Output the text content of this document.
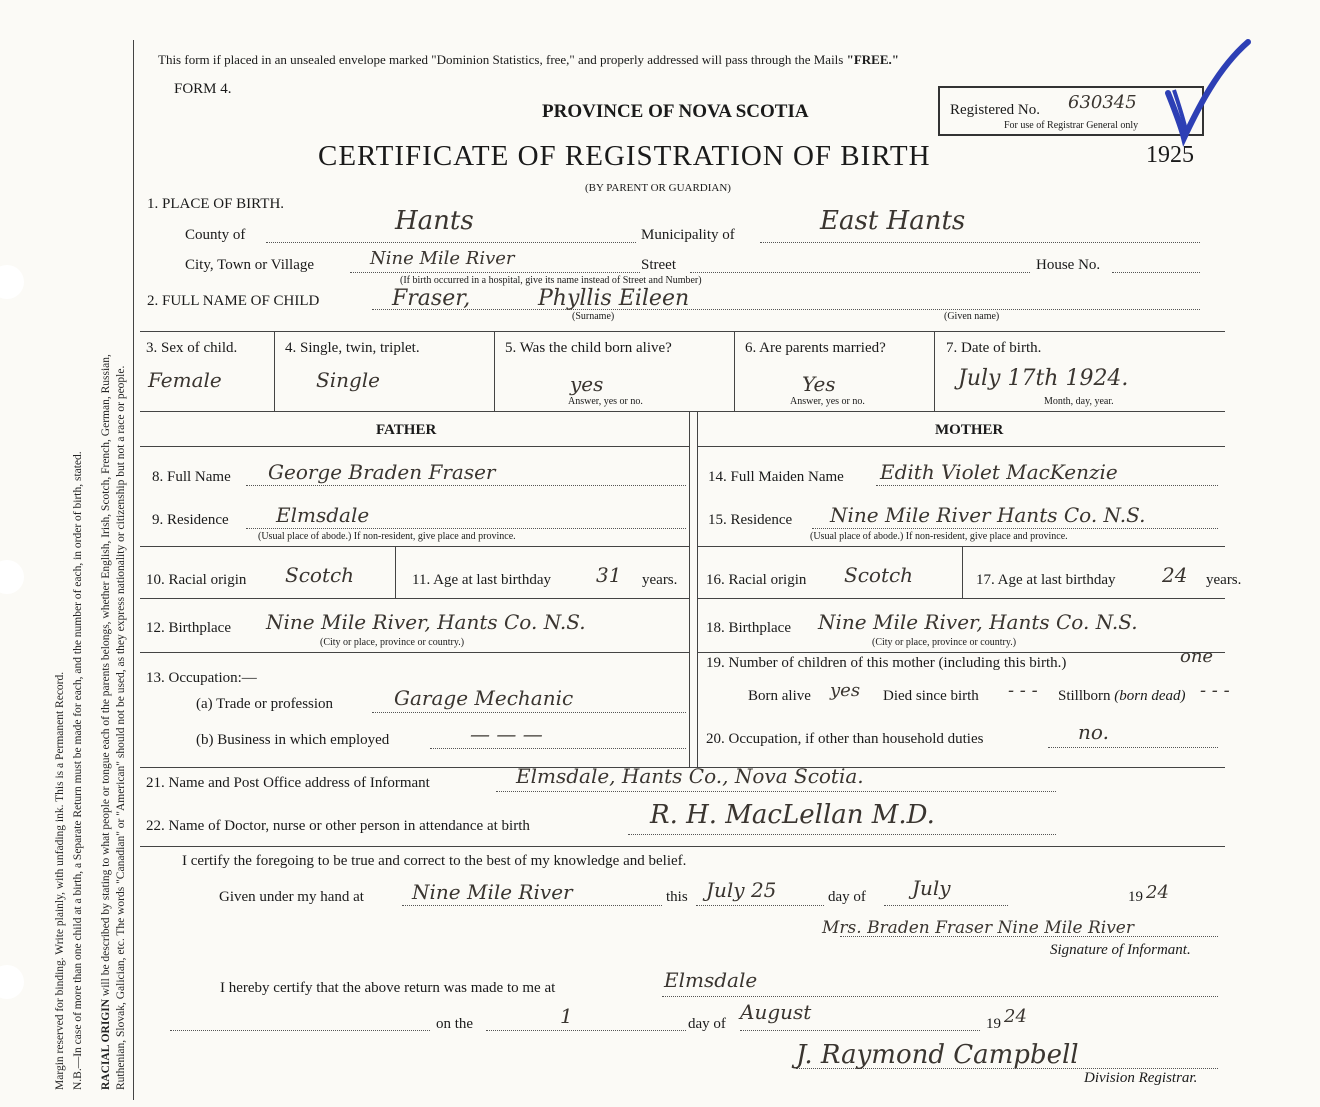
Margin reserved for binding. Write plainly, with unfading ink. This is a Permanent Record. N.B.—In case of more than one child at a birth, a Separate Return must be made for each, and the number of each, in order of birth, stated. RACIAL ORIGIN will be described by stating to what people or tongue each of the parents belongs, whether English, Irish, Scotch, French, German, Russian, Ruthenian, Slovak, Galician, etc. The words "Canadian" or "American" should not be used, as they express nationality or citizenship but not a race or people.
This form if placed in an unsealed envelope marked "Dominion Statistics, free," and properly addressed will pass through the Mails "FREE."
FORM 4.
PROVINCE OF NOVA SCOTIA
CERTIFICATE OF REGISTRATION OF BIRTH
(BY PARENT OR GUARDIAN)
Registered No. 630345
For use of Registrar General only
1925
1. PLACE OF BIRTH.
County of	Hants	Municipality of	East Hants
City, Town or Village	Nine Mile River	Street	House No.
(If birth occurred in a hospital, give its name instead of Street and Number)
2. FULL NAME OF CHILD	Fraser,	Phyllis Eileen
(Surname)	(Given name)
3. Sex of child.
Female
4. Single, twin, triplet.
Single
5. Was the child born alive?
yes
Answer, yes or no.
6. Are parents married?
Yes
Answer, yes or no.
7. Date of birth.
July 17th 1924.
Month, day, year.
FATHER	MOTHER
8. Full Name George Braden Fraser
9. Residence Elmsdale
(Usual place of abode.) If non-resident, give place and province.
10. Racial origin Scotch	11. Age at last birthday 31 years.
12. Birthplace Nine Mile River, Hants Co. N.S.
(City or place, province or country.)
13. Occupation:—
(a) Trade or profession	Garage Mechanic
(b) Business in which employed	— — —
14. Full Maiden Name Edith Violet MacKenzie
15. Residence Nine Mile River Hants Co. N.S.
(Usual place of abode.) If non-resident, give place and province.
16. Racial origin Scotch	17. Age at last birthday 24 years.
18. Birthplace Nine Mile River, Hants Co. N.S.
(City or place, province or country.)
19. Number of children of this mother (including this birth.)	one
Born alive yes Died since birth - - - Stillborn (born dead) - - -
20. Occupation, if other than household duties	no.
21. Name and Post Office address of Informant	Elmsdale, Hants Co., Nova Scotia.
22. Name of Doctor, nurse or other person in attendance at birth	R. H. MacLellan M.D.
I certify the foregoing to be true and correct to the best of my knowledge and belief.
Given under my hand at Nine Mile River	this July 25	day of July	19 24
Mrs. Braden Fraser Nine Mile River
Signature of Informant.
I hereby certify that the above return was made to me at	Elmsdale
on the	1	day of August	19 24
J. Raymond Campbell
Division Registrar.
